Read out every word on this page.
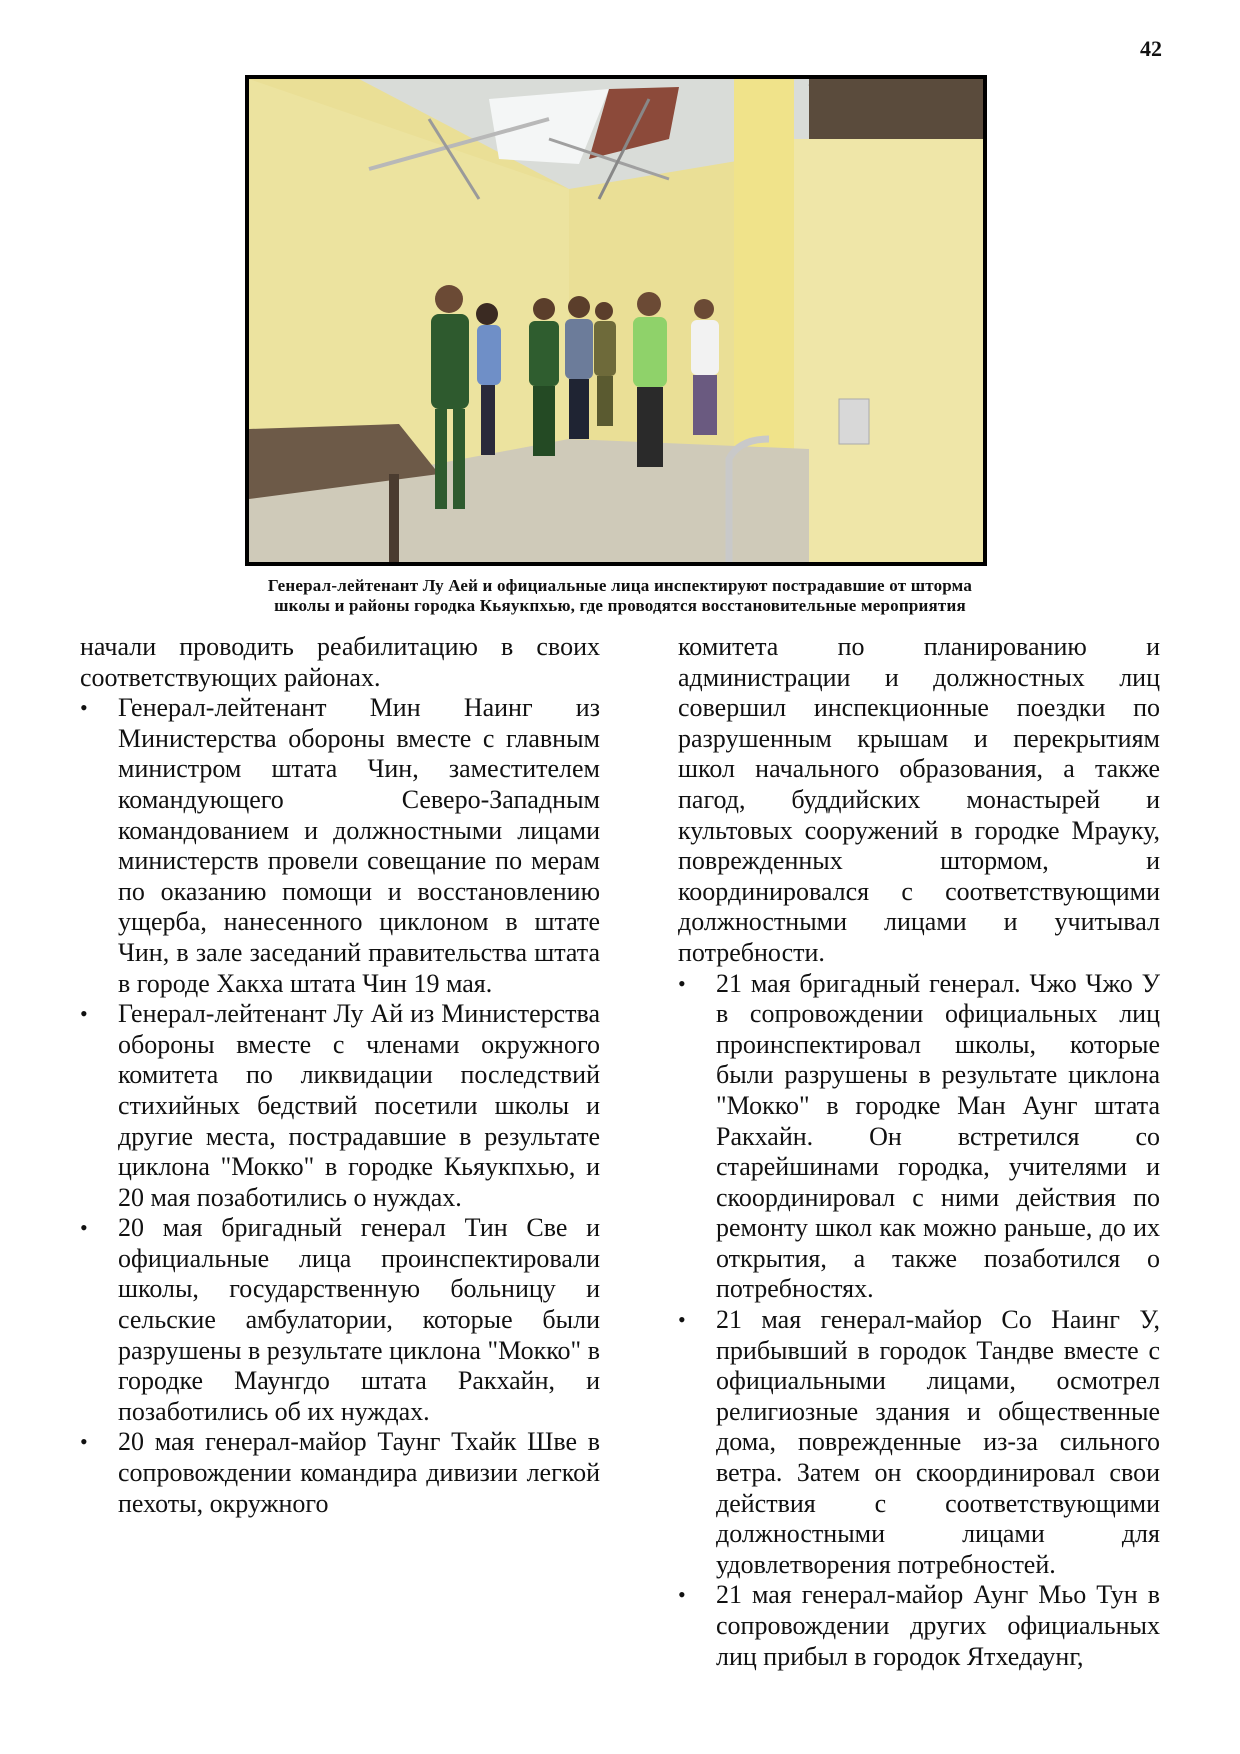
42
Генерал-лейтенант Лу Аей и официальные лица инспектируют пострадавшие от шторма
школы и районы городка Кьяукпхью, где проводятся восстановительные мероприятия

начали проводить реабилитацию в своих соответствующих районах.

• Генерал-лейтенант Мин Наинг из Министерства обороны вместе с главным министром штата Чин, заместителем командующего Северо-Западным командованием и должностными лицами министерств провели совещание по мерам по оказанию помощи и восстановлению ущерба, нанесенного циклоном в штате Чин, в зале заседаний правительства штата в городе Хакха штата Чин 19 мая.
• Генерал-лейтенант Лу Ай из Министерства обороны вместе с членами окружного комитета по ликвидации последствий стихийных бедствий посетили школы и другие места, пострадавшие в результате циклона "Мокко" в городке Кьяукпхью, и 20 мая позаботились о нуждах.
• 20 мая бригадный генерал Тин Све и официальные лица проинспектировали школы, государственную больницу и сельские амбулатории, которые были разрушены в результате циклона "Мокко" в городке Маунгдо штата Ракхайн, и позаботились об их нуждах.
• 20 мая генерал-майор Таунг Тхайк Шве в сопровождении командира дивизии легкой пехоты, окружного
комитета по планированию и администрации и должностных лиц совершил инспекционные поездки по разрушенным крышам и перекрытиям школ начального образования, а также пагод, буддийских монастырей и культовых сооружений в городке Мрауку, поврежденных штормом, и координировался с соответствующими должностными лицами и учитывал потребности.
• 21 мая бригадный генерал. Чжо Чжо У в сопровождении официальных лиц проинспектировал школы, которые были разрушены в результате циклона "Мокко" в городке Ман Аунг штата Ракхайн. Он встретился со старейшинами городка, учителями и скоординировал с ними действия по ремонту школ как можно раньше, до их открытия, а также позаботился о потребностях.
• 21 мая генерал-майор Со Наинг У, прибывший в городок Тандве вместе с официальными лицами, осмотрел религиозные здания и общественные дома, поврежденные из-за сильного ветра. Затем он скоординировал свои действия с соответствующими должностными лицами для удовлетворения потребностей.
• 21 мая генерал-майор Аунг Мьо Тун в сопровождении других официальных лиц прибыл в городок Ятхедаунг,
